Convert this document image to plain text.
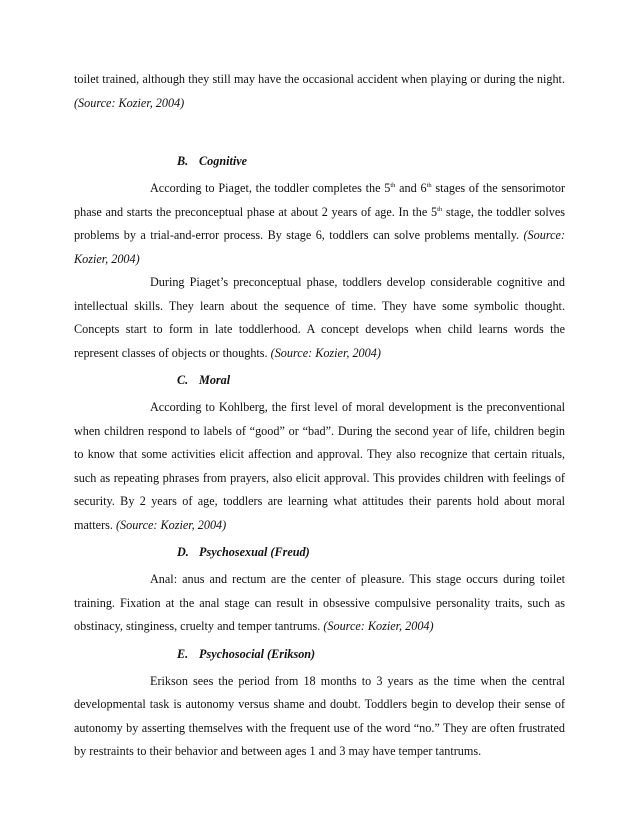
toilet trained, although they still may have the occasional accident when playing or during the night. (Source: Kozier, 2004)

B. Cognitive

According to Piaget, the toddler completes the 5th and 6th stages of the sensorimotor phase and starts the preconceptual phase at about 2 years of age. In the 5th stage, the toddler solves problems by a trial-and-error process. By stage 6, toddlers can solve problems mentally. (Source: Kozier, 2004)

During Piaget’s preconceptual phase, toddlers develop considerable cognitive and intellectual skills. They learn about the sequence of time. They have some symbolic thought. Concepts start to form in late toddlerhood. A concept develops when child learns words the represent classes of objects or thoughts. (Source: Kozier, 2004)

C. Moral

According to Kohlberg, the first level of moral development is the preconventional when children respond to labels of “good” or “bad”. During the second year of life, children begin to know that some activities elicit affection and approval. They also recognize that certain rituals, such as repeating phrases from prayers, also elicit approval. This provides children with feelings of security. By 2 years of age, toddlers are learning what attitudes their parents hold about moral matters. (Source: Kozier, 2004)

D. Psychosexual (Freud)

Anal: anus and rectum are the center of pleasure. This stage occurs during toilet training. Fixation at the anal stage can result in obsessive compulsive personality traits, such as obstinacy, stinginess, cruelty and temper tantrums. (Source: Kozier, 2004)

E. Psychosocial (Erikson)

Erikson sees the period from 18 months to 3 years as the time when the central developmental task is autonomy versus shame and doubt. Toddlers begin to develop their sense of autonomy by asserting themselves with the frequent use of the word “no.” They are often frustrated by restraints to their behavior and between ages 1 and 3 may have temper tantrums.
